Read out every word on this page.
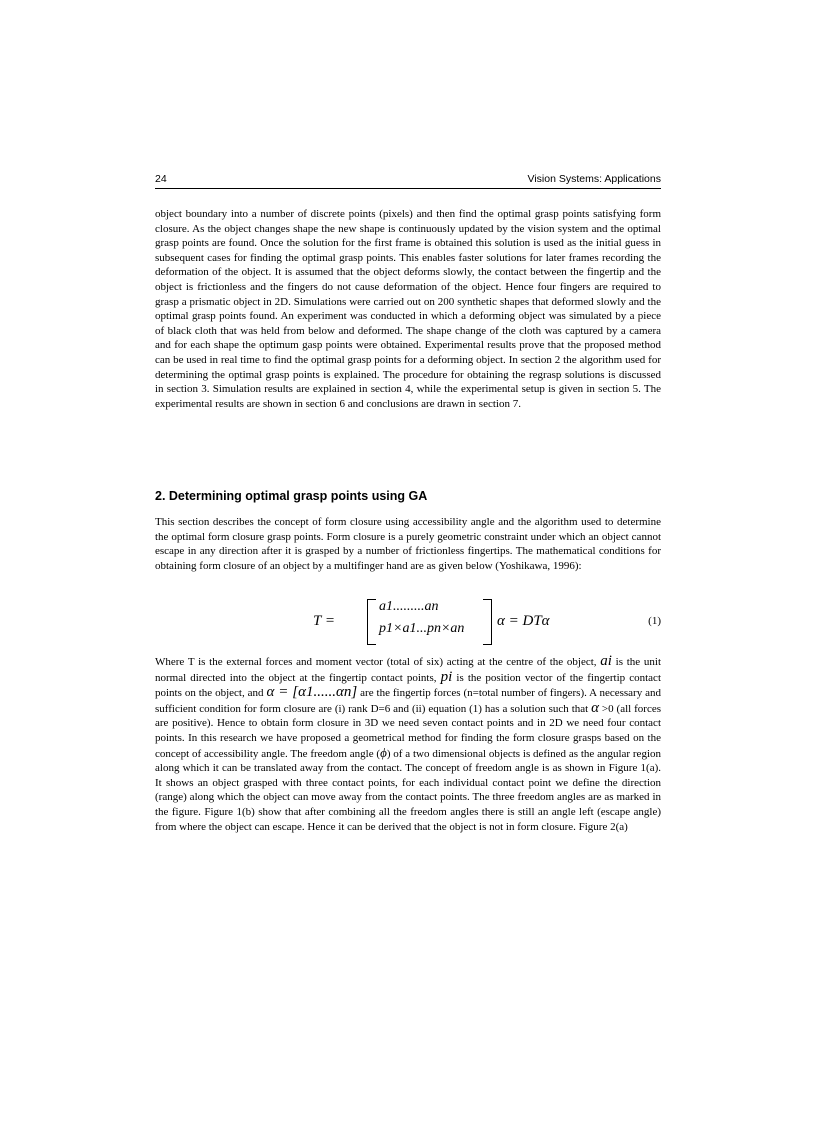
24	Vision Systems: Applications

object boundary into a number of discrete points (pixels) and then find the optimal grasp points satisfying form closure. As the object changes shape the new shape is continuously updated by the vision system and the optimal grasp points are found. Once the solution for the first frame is obtained this solution is used as the initial guess in subsequent cases for finding the optimal grasp points. This enables faster solutions for later frames recording the deformation of the object. It is assumed that the object deforms slowly, the contact between the fingertip and the object is frictionless and the fingers do not cause deformation of the object. Hence four fingers are required to grasp a prismatic object in 2D. Simulations were carried out on 200 synthetic shapes that deformed slowly and the optimal grasp points found. An experiment was conducted in which a deforming object was simulated by a piece of black cloth that was held from below and deformed. The shape change of the cloth was captured by a camera and for each shape the optimum gasp points were obtained. Experimental results prove that the proposed method can be used in real time to find the optimal grasp points for a deforming object. In section 2 the algorithm used for determining the optimal grasp points is explained. The procedure for obtaining the regrasp solutions is discussed in section 3. Simulation results are explained in section 4, while the experimental setup is given in section 5. The experimental results are shown in section 6 and conclusions are drawn in section 7.

2. Determining optimal grasp points using GA

This section describes the concept of form closure using accessibility angle and the algorithm used to determine the optimal form closure grasp points. Form closure is a purely geometric constraint under which an object cannot escape in any direction after it is grasped by a number of frictionless fingertips. The mathematical conditions for obtaining form closure of an object by a multifinger hand are as given below (Yoshikawa, 1996):

T =
a1.........an
p1×a1...pn×an α = DTα	(1)

Where T is the external forces and moment vector (total of six) acting at the centre of the object, ai is the unit normal directed into the object at the fingertip contact points, pi is the position vector of the fingertip contact points on the object, and α = [α1......αn] are the fingertip forces (n=total number of fingers). A necessary and sufficient condition for form closure are (i) rank D=6 and (ii) equation (1) has a solution such that α >0 (all forces are positive). Hence to obtain form closure in 3D we need seven contact points and in 2D we need four contact points. In this research we have proposed a geometrical method for finding the form closure grasps based on the concept of accessibility angle. The freedom angle (ϕ) of a two dimensional objects is defined as the angular region along which it can be translated away from the contact. The concept of freedom angle is as shown in Figure 1(a). It shows an object grasped with three contact points, for each individual contact point we define the direction (range) along which the object can move away from the contact points. The three freedom angles are as marked in the figure. Figure 1(b) show that after combining all the freedom angles there is still an angle left (escape angle) from where the object can escape. Hence it can be derived that the object is not in form closure. Figure 2(a)
